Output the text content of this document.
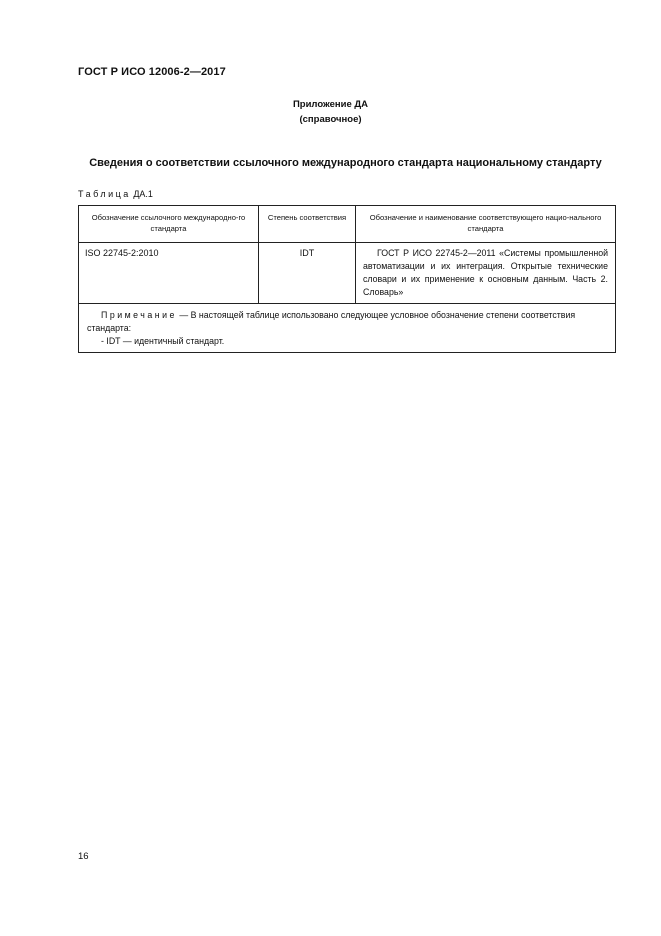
ГОСТ Р ИСО 12006-2—2017
Приложение ДА
(справочное)
Сведения о соответствии ссылочного международного стандарта национальному стандарту
Таблица ДА.1
Обозначение ссылочного международно-го стандарта	Степень соответствия	Обозначение и наименование соответствующего нацио-нального стандарта
ISO 22745-2:2010	IDT	ГОСТ Р ИСО 22745-2—2011 «Системы промышленной автоматизации и их интеграция. Открытые технические словари и их применение к основным данным. Часть 2. Словарь»

Примечание — В настоящей таблице использовано следующее условное обозначение степени соответствия стандарта:
- IDT — идентичный стандарт.		
16
